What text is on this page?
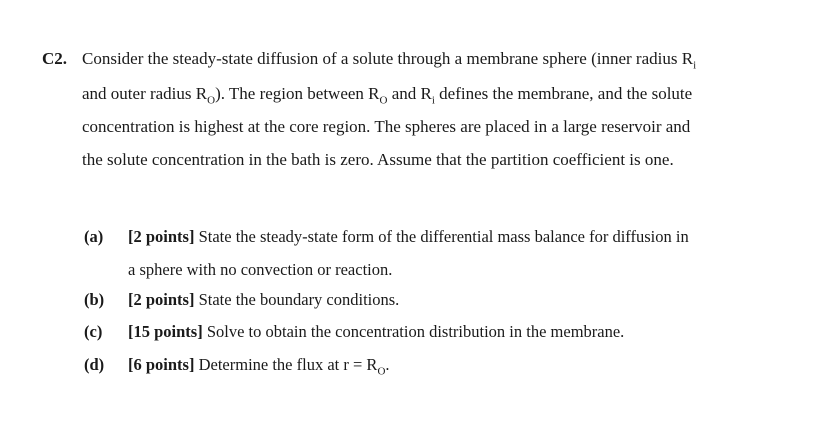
C2. Consider the steady-state diffusion of a solute through a membrane sphere (inner radius $R_i$
and outer radius $R_O$). The region between $R_O$ and $R_i$ defines the membrane, and the solute
concentration is highest at the core region. The spheres are placed in a large reservoir and
the solute concentration in the bath is zero. Assume that the partition coefficient is one.
(a) [2 points] State the steady-state form of the differential mass balance for diffusion in
a sphere with no convection or reaction.
(b) [2 points] State the boundary conditions.
(c) [15 points] Solve to obtain the concentration distribution in the membrane.
(d) [6 points] Determine the flux at $r = R_O$.
